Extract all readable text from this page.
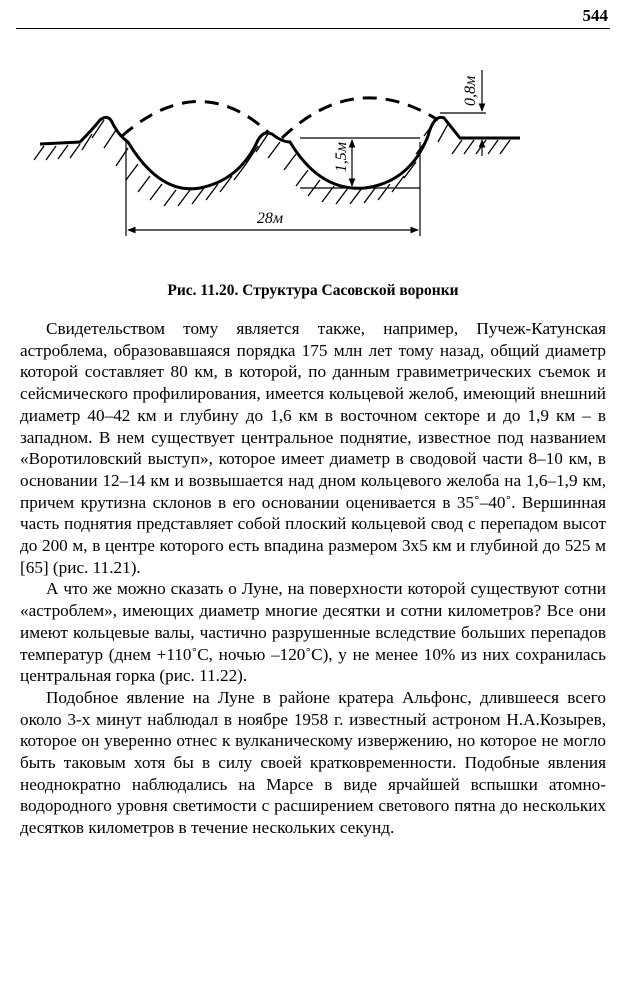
544
28м
1,5м
0,8м
Рис. 11.20. Структура Сасовской воронки

Свидетельством тому является также, например, Пучеж-Катунская астроблема, образовавшаяся порядка 175 млн лет тому назад, общий диаметр которой составляет 80 км, в которой, по данным гравиметрических съемок и сейсмического профилирования, имеется кольцевой желоб, имеющий внешний диаметр 40–42 км и глубину до 1,6 км в восточном секторе и до 1,9 км – в западном. В нем существует центральное поднятие, известное под названием «Воротиловский выступ», которое имеет диаметр в сводовой части 8–10 км, в основании 12–14 км и возвышается над дном кольцевого желоба на 1,6–1,9 км, причем крутизна склонов в его основании оценивается в 35˚–40˚. Вершинная часть поднятия представляет собой плоский кольцевой свод с перепадом высот до 200 м, в центре которого есть впадина размером 3х5 км и глубиной до 525 м [65] (рис. 11.21).

А что же можно сказать о Луне, на поверхности которой существуют сотни «астроблем», имеющих диаметр многие десятки и сотни километров? Все они имеют кольцевые валы, частично разрушенные вследствие больших перепадов температур (днем +110˚С, ночью –120˚С), у не менее 10% из них сохранилась центральная горка (рис. 11.22).

Подобное явление на Луне в районе кратера Альфонс, длившееся всего около 3-х минут наблюдал в ноябре 1958 г. известный астроном Н.А.Козырев, которое он уверенно отнес к вулканическому извержению, но которое не могло быть таковым хотя бы в силу своей кратковременности. Подобные явления неоднократно наблюдались на Марсе в виде ярчайшей вспышки атомно-водородного уровня светимости с расширением светового пятна до нескольких десятков километров в течение нескольких секунд.
